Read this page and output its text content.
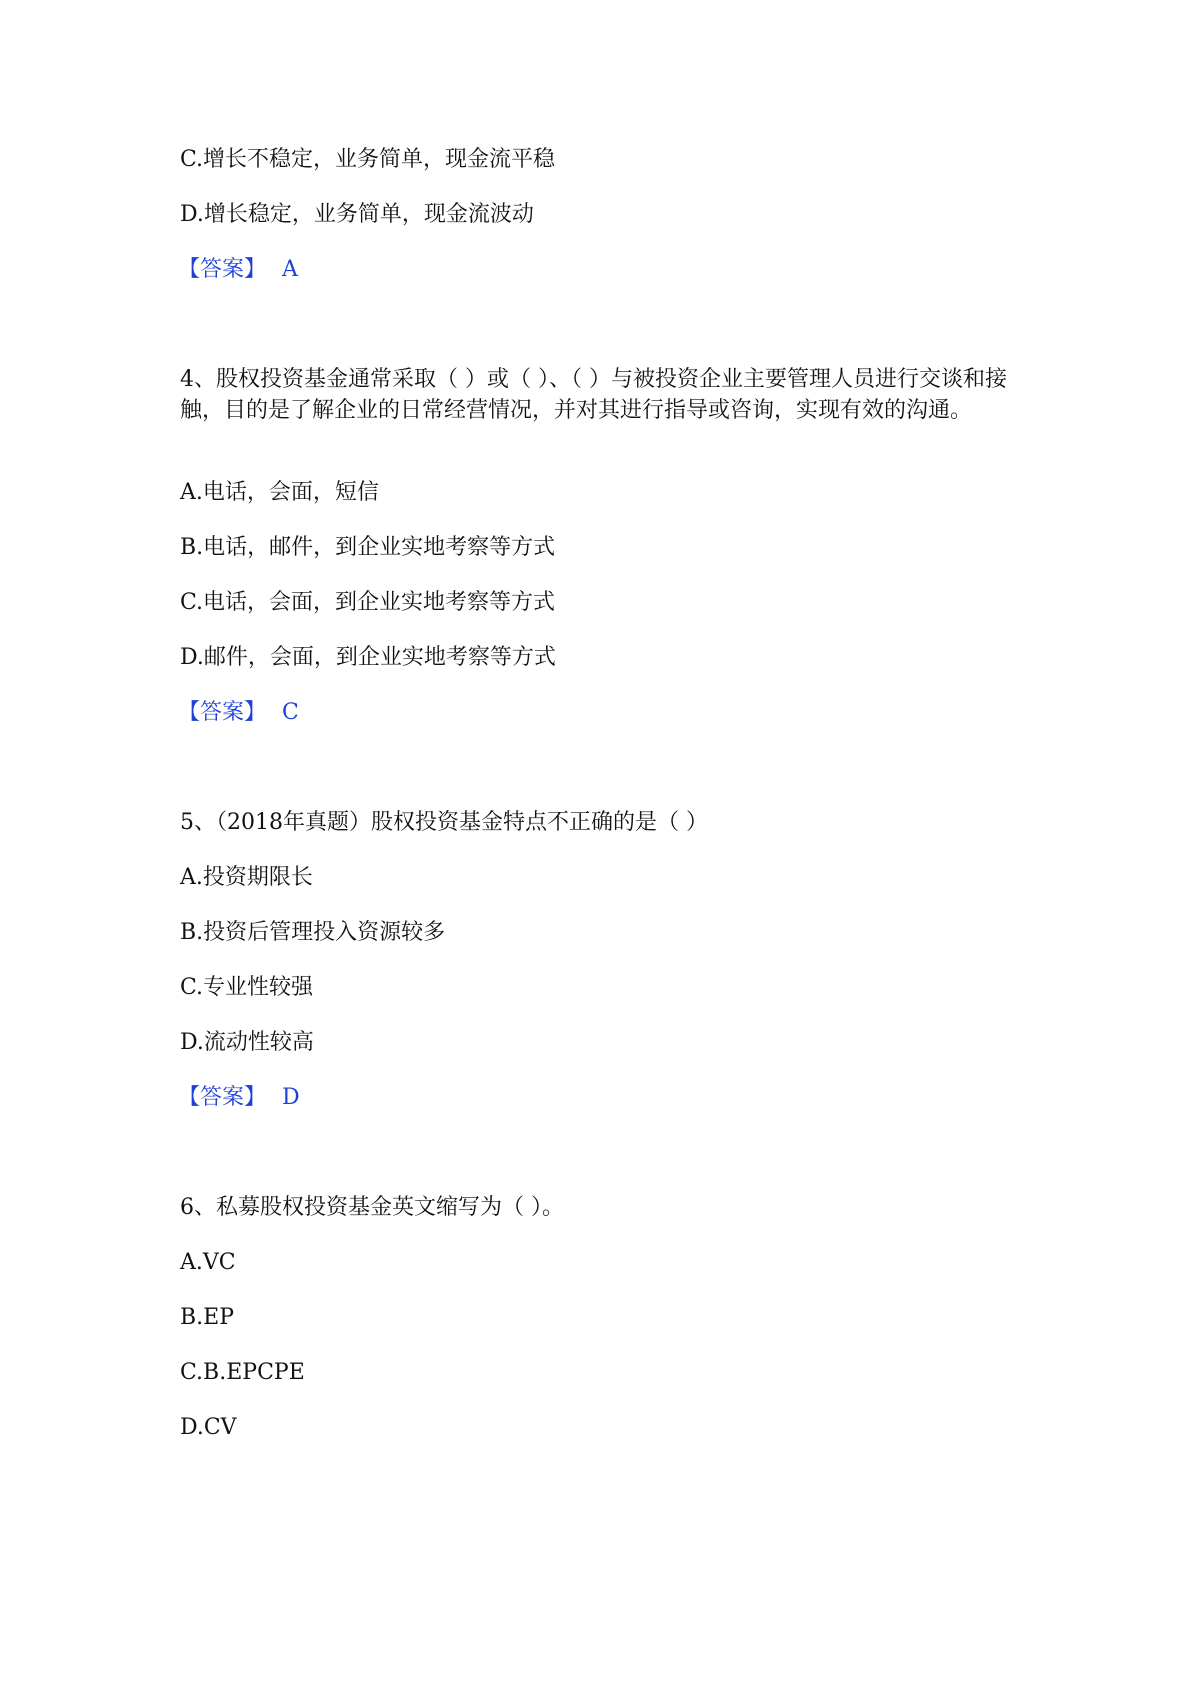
C.增长不稳定，业务简单，现金流平稳
D.增长稳定，业务简单，现金流波动
【答案】 A
4、股权投资基金通常采取（ ）或（ ）、（ ）与被投资企业主要管理人员进行交谈和接触，目的是了解企业的日常经营情况，并对其进行指导或咨询，实现有效的沟通。
A.电话，会面，短信
B.电话，邮件，到企业实地考察等方式
C.电话，会面，到企业实地考察等方式
D.邮件，会面，到企业实地考察等方式
【答案】 C
5、（2018年真题）股权投资基金特点不正确的是（ ）
A.投资期限长
B.投资后管理投入资源较多
C.专业性较强
D.流动性较高
【答案】 D
6、私募股权投资基金英文缩写为（ ）。
A.VC
B.EP
C.B.EPCPE
D.CV
